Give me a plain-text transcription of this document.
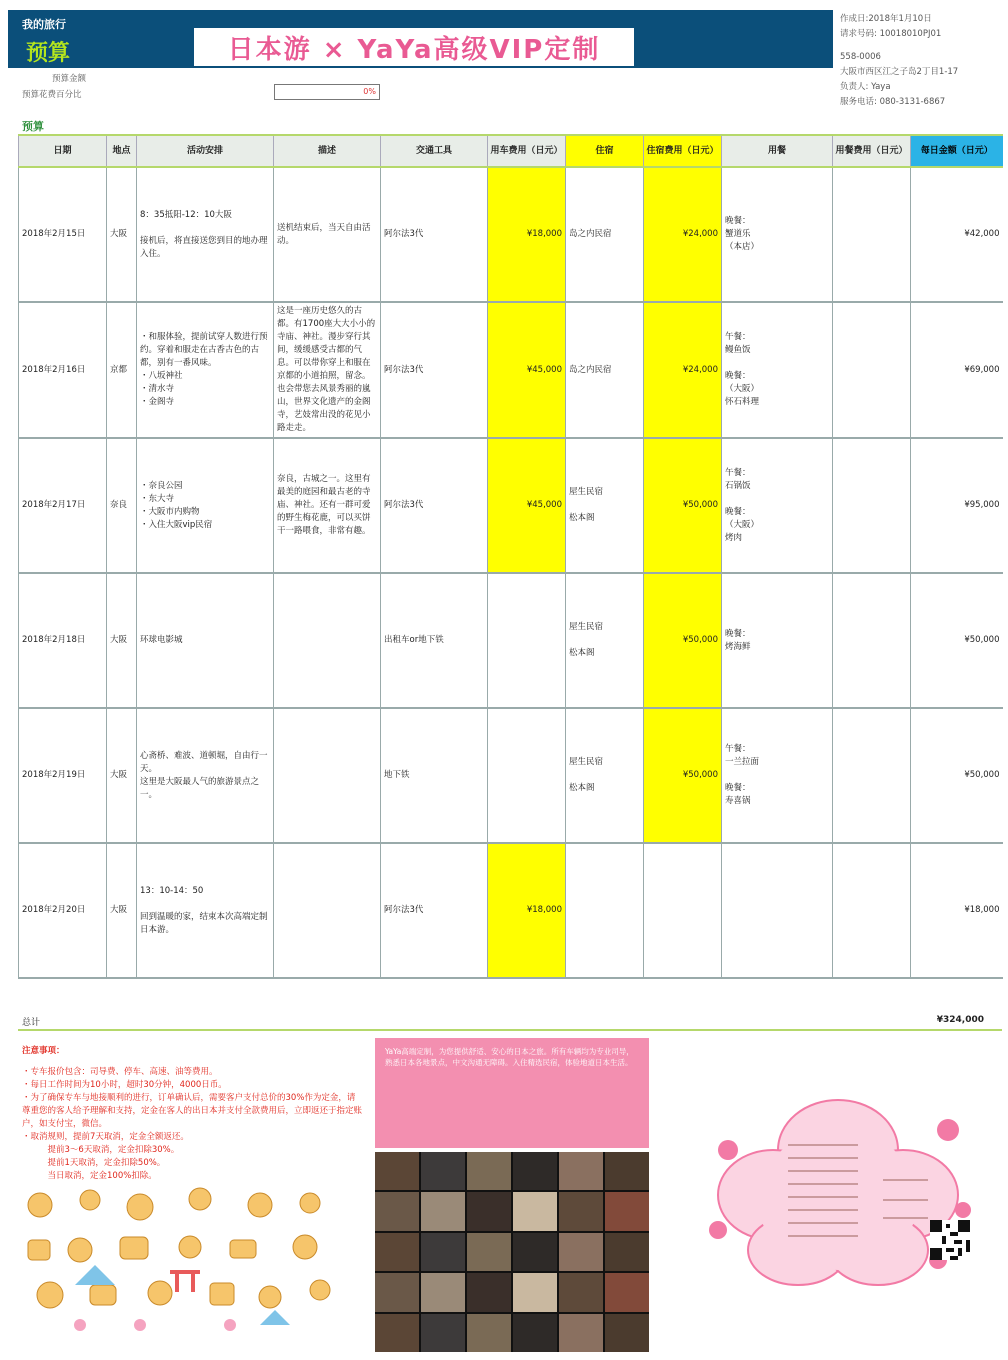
我的旅行
预算	日本游 × YaYa高级VIP定制
作成日:2018年1月10日
请求号码: 10018010PJ01
558-0006
大阪市西区江之子岛2丁目1-17
负责人: Yaya
服务电话: 080-3131-6867
预算金额
预算花费百分比	0%
预算
日期	地点	活动安排	描述	交通工具	用车费用（日元）	住宿	住宿费用（日元）	用餐	用餐费用（日元）	每日金额（日元）
2018年2月15日	大阪	8：35抵阳-12：10大阪

接机后，将直接送您到目的地办理入住。	送机结束后，当天自由活动。	阿尔法3代	¥18,000	岛之内民宿	¥24,000	晚餐：
蟹道乐
（本店）		¥42,000
2018年2月16日	京都	・和服体验，提前试穿人数进行预约。穿着和服走在古香古色的古都，别有一番风味。
・八坂神社
・清水寺
・金阁寺	这是一座历史悠久的古都。有1700座大大小小的寺庙、神社。漫步穿行其间，缓缓感受古都的气息。可以带你穿上和服在京都的小道拍照，留念。也会带您去风景秀丽的嵐山，世界文化遗产的金阁寺，艺妓常出没的花见小路走走。	阿尔法3代	¥45,000	岛之内民宿	¥24,000	午餐：
鳗鱼饭

晚餐：
（大阪）
怀石料理		¥69,000
2018年2月17日	奈良	・奈良公园
・东大寺
・大阪市内购物
・入住大阪vip民宿	奈良，古城之一。这里有最美的庭园和最古老的寺庙、神社。还有一群可爱的野生梅花鹿，可以买饼干一路喂食，非常有趣。	阿尔法3代	¥45,000	屋生民宿

松本阁	¥50,000	午餐：
石锅饭

晚餐：
（大阪）
烤肉		¥95,000
2018年2月18日	大阪	环球电影城		出租车or地下铁		屋生民宿

松本阁	¥50,000	晚餐：
烤海鲜		¥50,000
2018年2月19日	大阪	心斋桥、难波、道顿堀，自由行一天。
这里是大阪最人气的旅游景点之一。		地下铁		屋生民宿

松本阁	¥50,000	午餐：
一兰拉面

晚餐：
寿喜锅		¥50,000
2018年2月20日	大阪	13：10-14：50

回到温暖的家，结束本次高端定制日本游。		阿尔法3代	¥18,000					¥18,000
总计	¥324,000
注意事项：
・专车报价包含：司导费、停车、高速、油等费用。
・每日工作时间为10小时，超时30分钟，4000日币。
・为了确保专车与地接顺利的进行，订单确认后，需要客户支付总价的30%作为定金，请尊重您的客人给予理解和支持，定金在客人的出日本并支付全款费用后，立即返还于指定账户，如支付宝，微信。
・取消规则，提前7天取消，定金全额返还。
　　　提前3～6天取消，定金扣除30%。
　　　提前1天取消，定金扣除50%。
　　　当日取消，定金100%扣除。
YaYa高端定制，为您提供舒适、安心的日本之旅。所有车辆均为专业司导，熟悉日本各地景点，中文沟通无障碍。入住精选民宿，体验地道日本生活。
